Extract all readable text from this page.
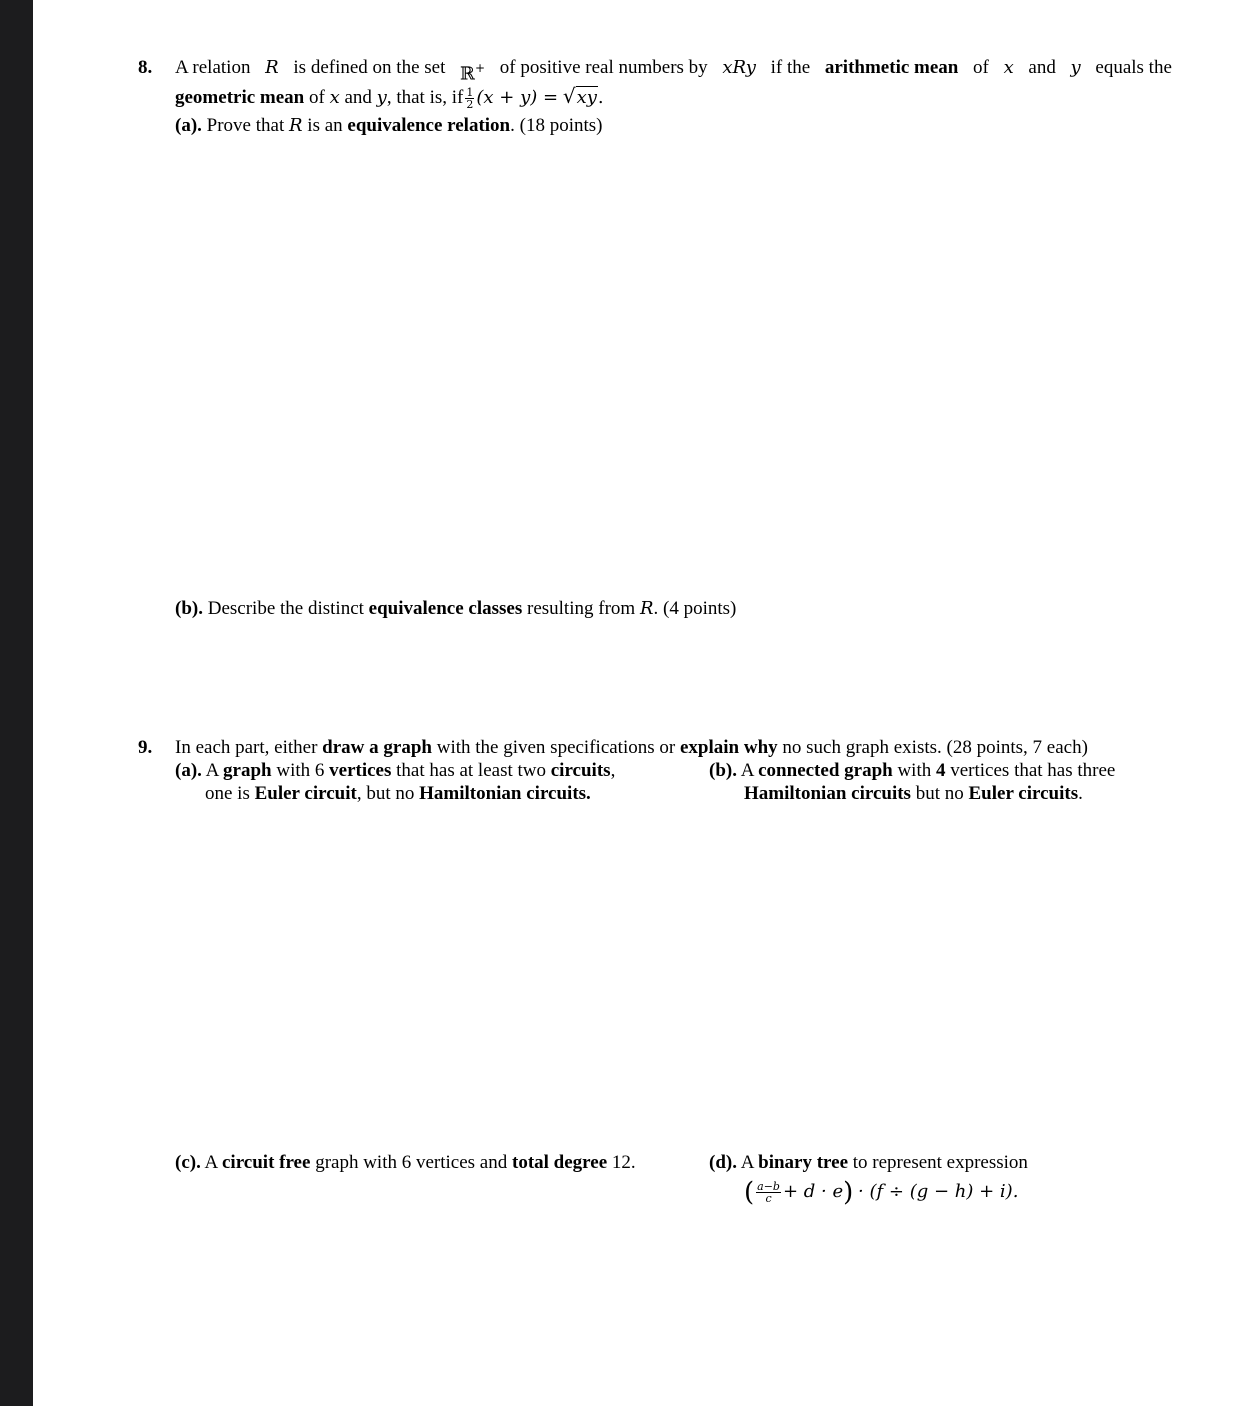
8. A relation R is defined on the set ℝ+ of positive real numbers by xRy if the arithmetic mean of x and y equals the
geometric mean of x and y, that is, if $\frac{1}{2} (x + y) = √xy$.
(a). Prove that R is an equivalence relation. (18 points)
(b). Describe the distinct equivalence classes resulting from R. (4 points)
9. In each part, either draw a graph with the given specifications or explain why no such graph exists. (28 points, 7 each)
(a). A graph with 6 vertices that has at least two circuits,
one is Euler circuit, but no Hamiltonian circuits.
(b). A connected graph with 4 vertices that has three
Hamiltonian circuits but no Euler circuits.
(c). A circuit free graph with 6 vertices and total degree 12.	(d). A binary tree to represent expression
( $\frac{a-b}{c} + d \cdot e) \cdot (f \div (g - h) + i)$.
